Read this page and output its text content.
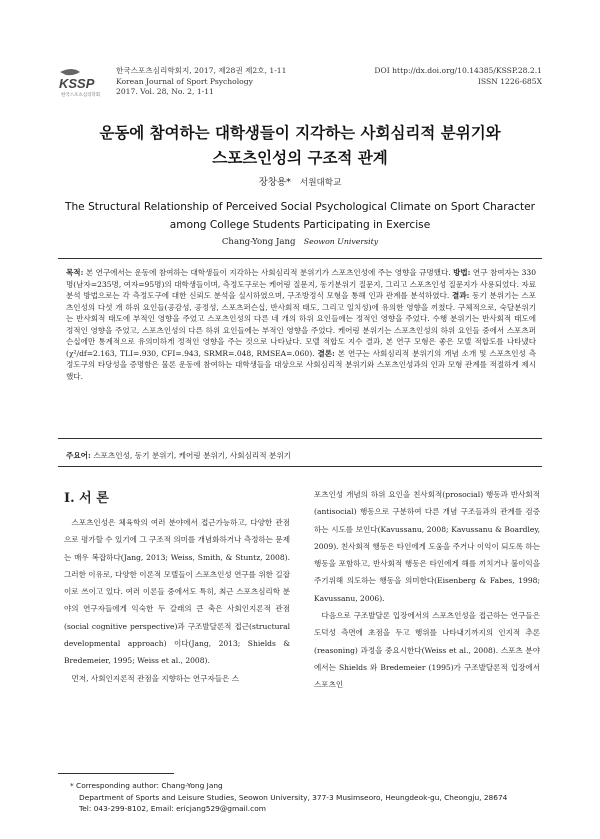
KSSP
한국스포츠심리학회
한국스포츠심리학회지, 2017, 제28권 제2호, 1-11
Korean Journal of Sport Psychology
2017. Vol. 28, No. 2, 1-11
DOI http://dx.doi.org/10.14385/KSSP.28.2.1
ISSN 1226-685X
운동에 참여하는 대학생들이 지각하는 사회심리적 분위기와
스포츠인성의 구조적 관계
장창용* 서원대학교
The Structural Relationship of Perceived Social Psychological Climate on Sport Character
among College Students Participating in Exercise
Chang-Yong Jang Seowon University
목적: 본 연구에서는 운동에 참여하는 대학생들이 지각하는 사회심리적 분위기가 스포츠인성에 주는 영향을 규명했다. 방법: 연구 참여자는 330명(남자=235명, 여자=95명)의 대학생들이며, 측정도구로는 케어링 질문지, 동기분위기 질문지, 그리고 스포츠인성 질문지가 사용되었다. 자료 분석 방법으로는 각 측정도구에 대한 신뢰도 분석을 실시하였으며, 구조방정식 모형을 통해 인과 관계를 분석하였다. 결과: 동기 분위기는 스포츠인성의 다섯 개 하위 요인들(공감성, 공정성, 스포츠퍼슨십, 반사회적 태도, 그리고 일치성)에 유의한 영향을 끼쳤다. 구체적으로, 숙달분위기는 반사회적 태도에 부적인 영향을 주었고 스포츠인성의 다른 네 개의 하위 요인들에는 정적인 영향을 주었다. 수행 분위기는 반사회적 태도에 정적인 영향을 주었고, 스포츠인성의 다른 하위 요인들에는 부적인 영향을 주었다. 케어링 분위기는 스포츠인성의 하위 요인들 중에서 스포츠퍼슨십에만 통계적으로 유의미하게 정적인 영향을 주는 것으로 나타났다. 모델 적합도 지수 결과, 본 연구 모형은 좋은 모델 적합도를 나타냈다(χ²/df=2.163, TLI=.930, CFI=.943, SRMR=.048, RMSEA=.060). 결론: 본 연구는 사회심리적 분위기의 개념 소개 및 스포츠인성 측정도구의 타당성을 증명함은 물론 운동에 참여하는 대학생들을 대상으로 사회심리적 분위기와 스포츠인성과의 인과 모형 관계를 적절하게 제시했다.
주요어: 스포츠인성, 동기 분위기, 케어링 분위기, 사회심리적 분위기
I. 서 론

스포츠인성은 체육학의 여러 분야에서 접근가능하고, 다양한 관점으로 평가할 수 있기에 그 구조적 의미를 개념화하거나 측정하는 문제는 매우 복잡하다(Jang, 2013; Weiss, Smith, & Stuntz, 2008). 그러한 이유로, 다양한 이론적 모델들이 스포츠인성 연구를 위한 길잡이로 쓰이고 있다. 여러 이론들 중에서도 특히, 최근 스포츠심리학 분야의 연구자들에게 익숙한 두 갈래의 큰 축은 사회인지론적 관점(social cognitive perspective)과 구조발달론적 접근(structural developmental approach) 이다(Jang, 2013; Shields & Bredemeier, 1995; Weiss et al., 2008).

먼저, 사회인지론적 관점을 지향하는 연구자들은 스

포츠인성 개념의 하위 요인을 친사회적(prosocial) 행동과 반사회적(antisocial) 행동으로 구분하여 다른 개념 구조들과의 관계를 검증하는 시도를 보인다(Kavussanu, 2008; Kavussanu & Boardley, 2009). 친사회적 행동은 타인에게 도움을 주거나 이익이 되도록 하는 행동을 포함하고, 반사회적 행동은 타인에게 해를 끼치거나 불이익을 주기위해 의도하는 행동을 의미한다(Eisenberg & Fabes, 1998; Kavussanu, 2006).

다음으로 구조발달론 입장에서의 스포츠인성을 접근하는 연구들은 도덕성 측면에 초점을 두고 행위를 나타내기까지의 인지적 추론(reasoning) 과정을 중요시한다(Weiss et al., 2008). 스포츠 분야에서는 Shields 와 Bredemeier (1995)가 구조발달론적 입장에서 스포츠인

* Corresponding author: Chang-Yong Jang
Department of Sports and Leisure Studies, Seowon University, 377-3 Musimseoro, Heungdeok-gu, Cheongju, 28674
Tel: 043-299-8102, Email: ericjang529@gmail.com
